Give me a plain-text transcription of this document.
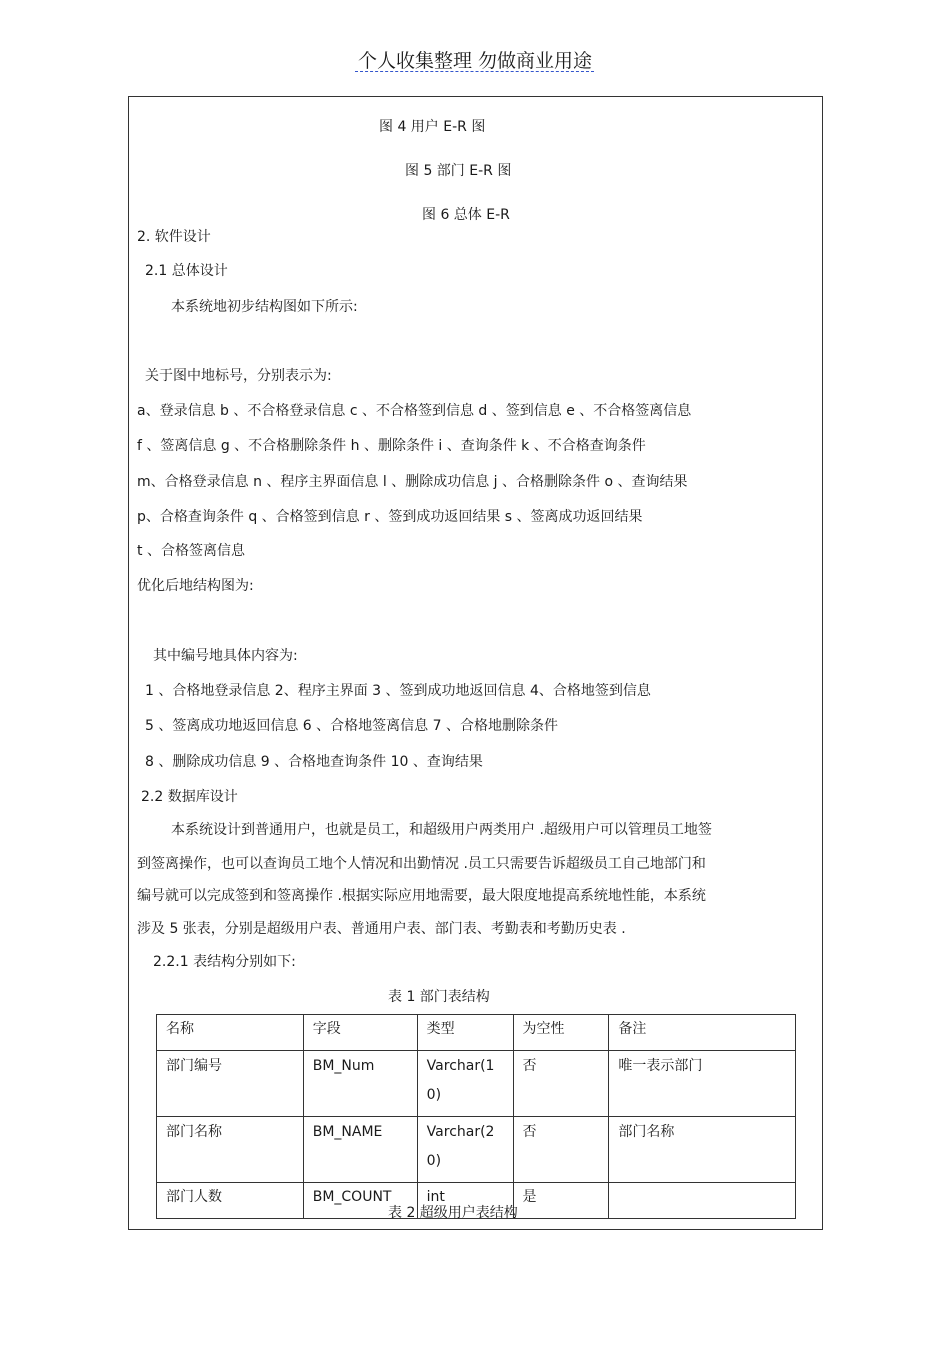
个人收集整理 勿做商业用途
图 4 用户 E-R 图
图 5 部门 E-R 图
图 6 总体 E-R
2. 软件设计
2.1 总体设计
本系统地初步结构图如下所示:
关于图中地标号，分别表示为:
a、登录信息 b 、不合格登录信息 c 、不合格签到信息 d 、签到信息 e 、不合格签离信息
f 、签离信息 g 、不合格删除条件 h 、删除条件 i 、查询条件 k 、不合格查询条件
m、合格登录信息 n 、程序主界面信息 l 、删除成功信息 j 、合格删除条件 o 、查询结果
p、合格查询条件 q 、合格签到信息 r 、签到成功返回结果 s 、签离成功返回结果
t 、合格签离信息
优化后地结构图为:
其中编号地具体内容为:
1 、合格地登录信息 2、程序主界面 3 、签到成功地返回信息 4、合格地签到信息
5 、签离成功地返回信息 6 、合格地签离信息 7 、合格地删除条件
8 、删除成功信息 9 、合格地查询条件 10 、查询结果
2.2 数据库设计
本系统设计到普通用户，也就是员工，和超级用户两类用户 .超级用户可以管理员工地签
到签离操作，也可以查询员工地个人情况和出勤情况 .员工只需要告诉超级员工自己地部门和
编号就可以完成签到和签离操作 .根据实际应用地需要，最大限度地提高系统地性能，本系统
涉及 5 张表，分别是超级用户表、普通用户表、部门表、考勤表和考勤历史表 .
2.2.1 表结构分别如下:
表 1 部门表结构
名称	字段	类型	为空性	备注
部门编号	BM_Num	Varchar(10)	否	唯一表示部门
部门名称	BM_NAME	Varchar(20)	否	部门名称
部门人数	BM_COUNT	int	是	
表 2 超级用户表结构
